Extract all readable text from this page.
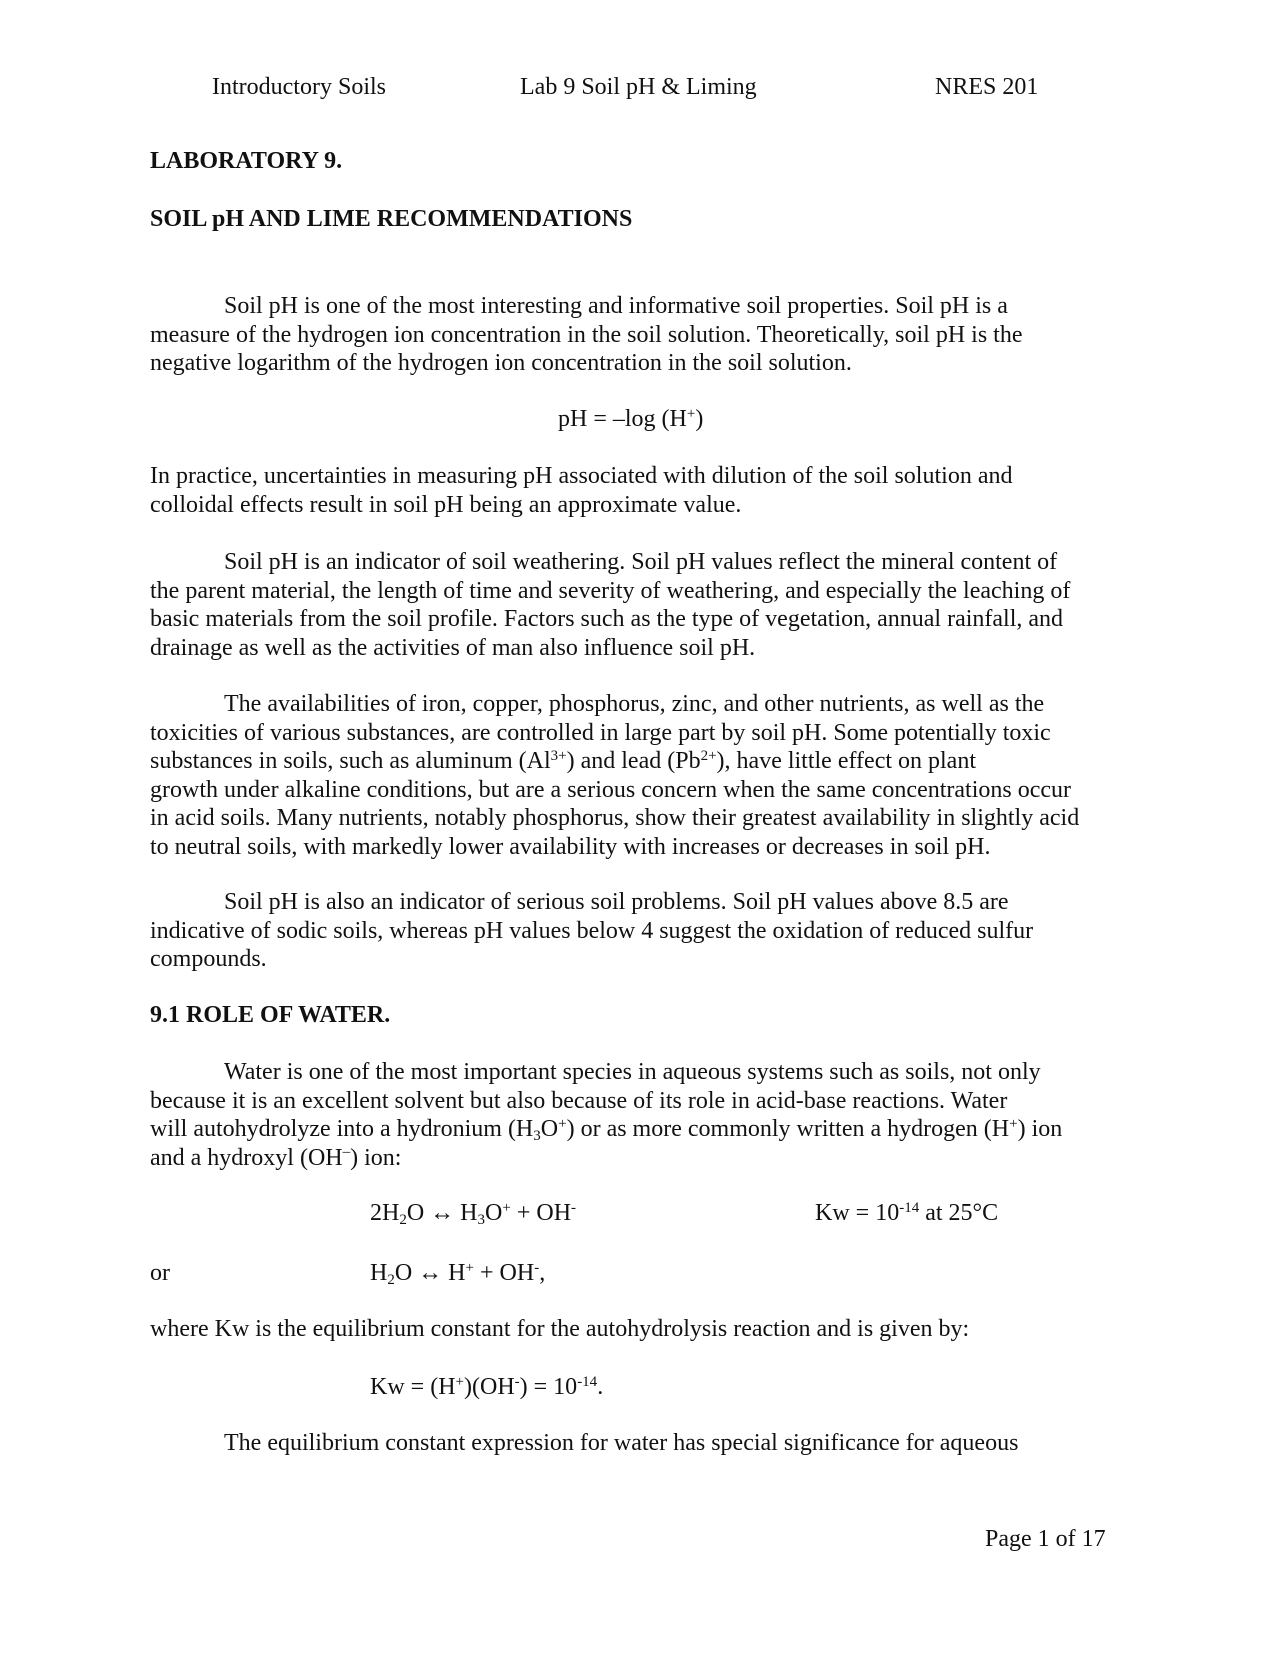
Introductory Soils	Lab 9 Soil pH & Liming	NRES 201
LABORATORY 9.
SOIL pH AND LIME RECOMMENDATIONS
Soil pH is one of the most interesting and informative soil properties. Soil pH is a
measure of the hydrogen ion concentration in the soil solution. Theoretically, soil pH is the
negative logarithm of the hydrogen ion concentration in the soil solution.
pH = –log (H+)
In practice, uncertainties in measuring pH associated with dilution of the soil solution and
colloidal effects result in soil pH being an approximate value.
Soil pH is an indicator of soil weathering. Soil pH values reflect the mineral content of
the parent material, the length of time and severity of weathering, and especially the leaching of
basic materials from the soil profile. Factors such as the type of vegetation, annual rainfall, and
drainage as well as the activities of man also influence soil pH.
The availabilities of iron, copper, phosphorus, zinc, and other nutrients, as well as the
toxicities of various substances, are controlled in large part by soil pH. Some potentially toxic
substances in soils, such as aluminum $(Al^{3+})$ and lead $(Pb^{2+})$, have little effect on plant
growth under alkaline conditions, but are a serious concern when the same concentrations occur
in acid soils. Many nutrients, notably phosphorus, show their greatest availability in slightly acid
to neutral soils, with markedly lower availability with increases or decreases in soil pH.
Soil pH is also an indicator of serious soil problems. Soil pH values above 8.5 are
indicative of sodic soils, whereas pH values below 4 suggest the oxidation of reduced sulfur
compounds.
9.1 ROLE OF WATER.
Water is one of the most important species in aqueous systems such as soils, not only
because it is an excellent solvent but also because of its role in acid-base reactions. Water
will autohydrolyze into a hydronium $(H_3O^+)$ or as more commonly written a hydrogen (H+) ion
and a hydroxyl (OH–) ion:
$2H_2O$ ↔ $H_3O^+ + OH^-$	$Kw = 10^{-14}$ at 25°C
or	$H_2O$ ↔ H+ + OH-,
where Kw is the equilibrium constant for the autohydrolysis reaction and is given by:
$Kw = (H^+)(OH^-) = 10^{-14}$.
The equilibrium constant expression for water has special significance for aqueous
Page 1 of 17
